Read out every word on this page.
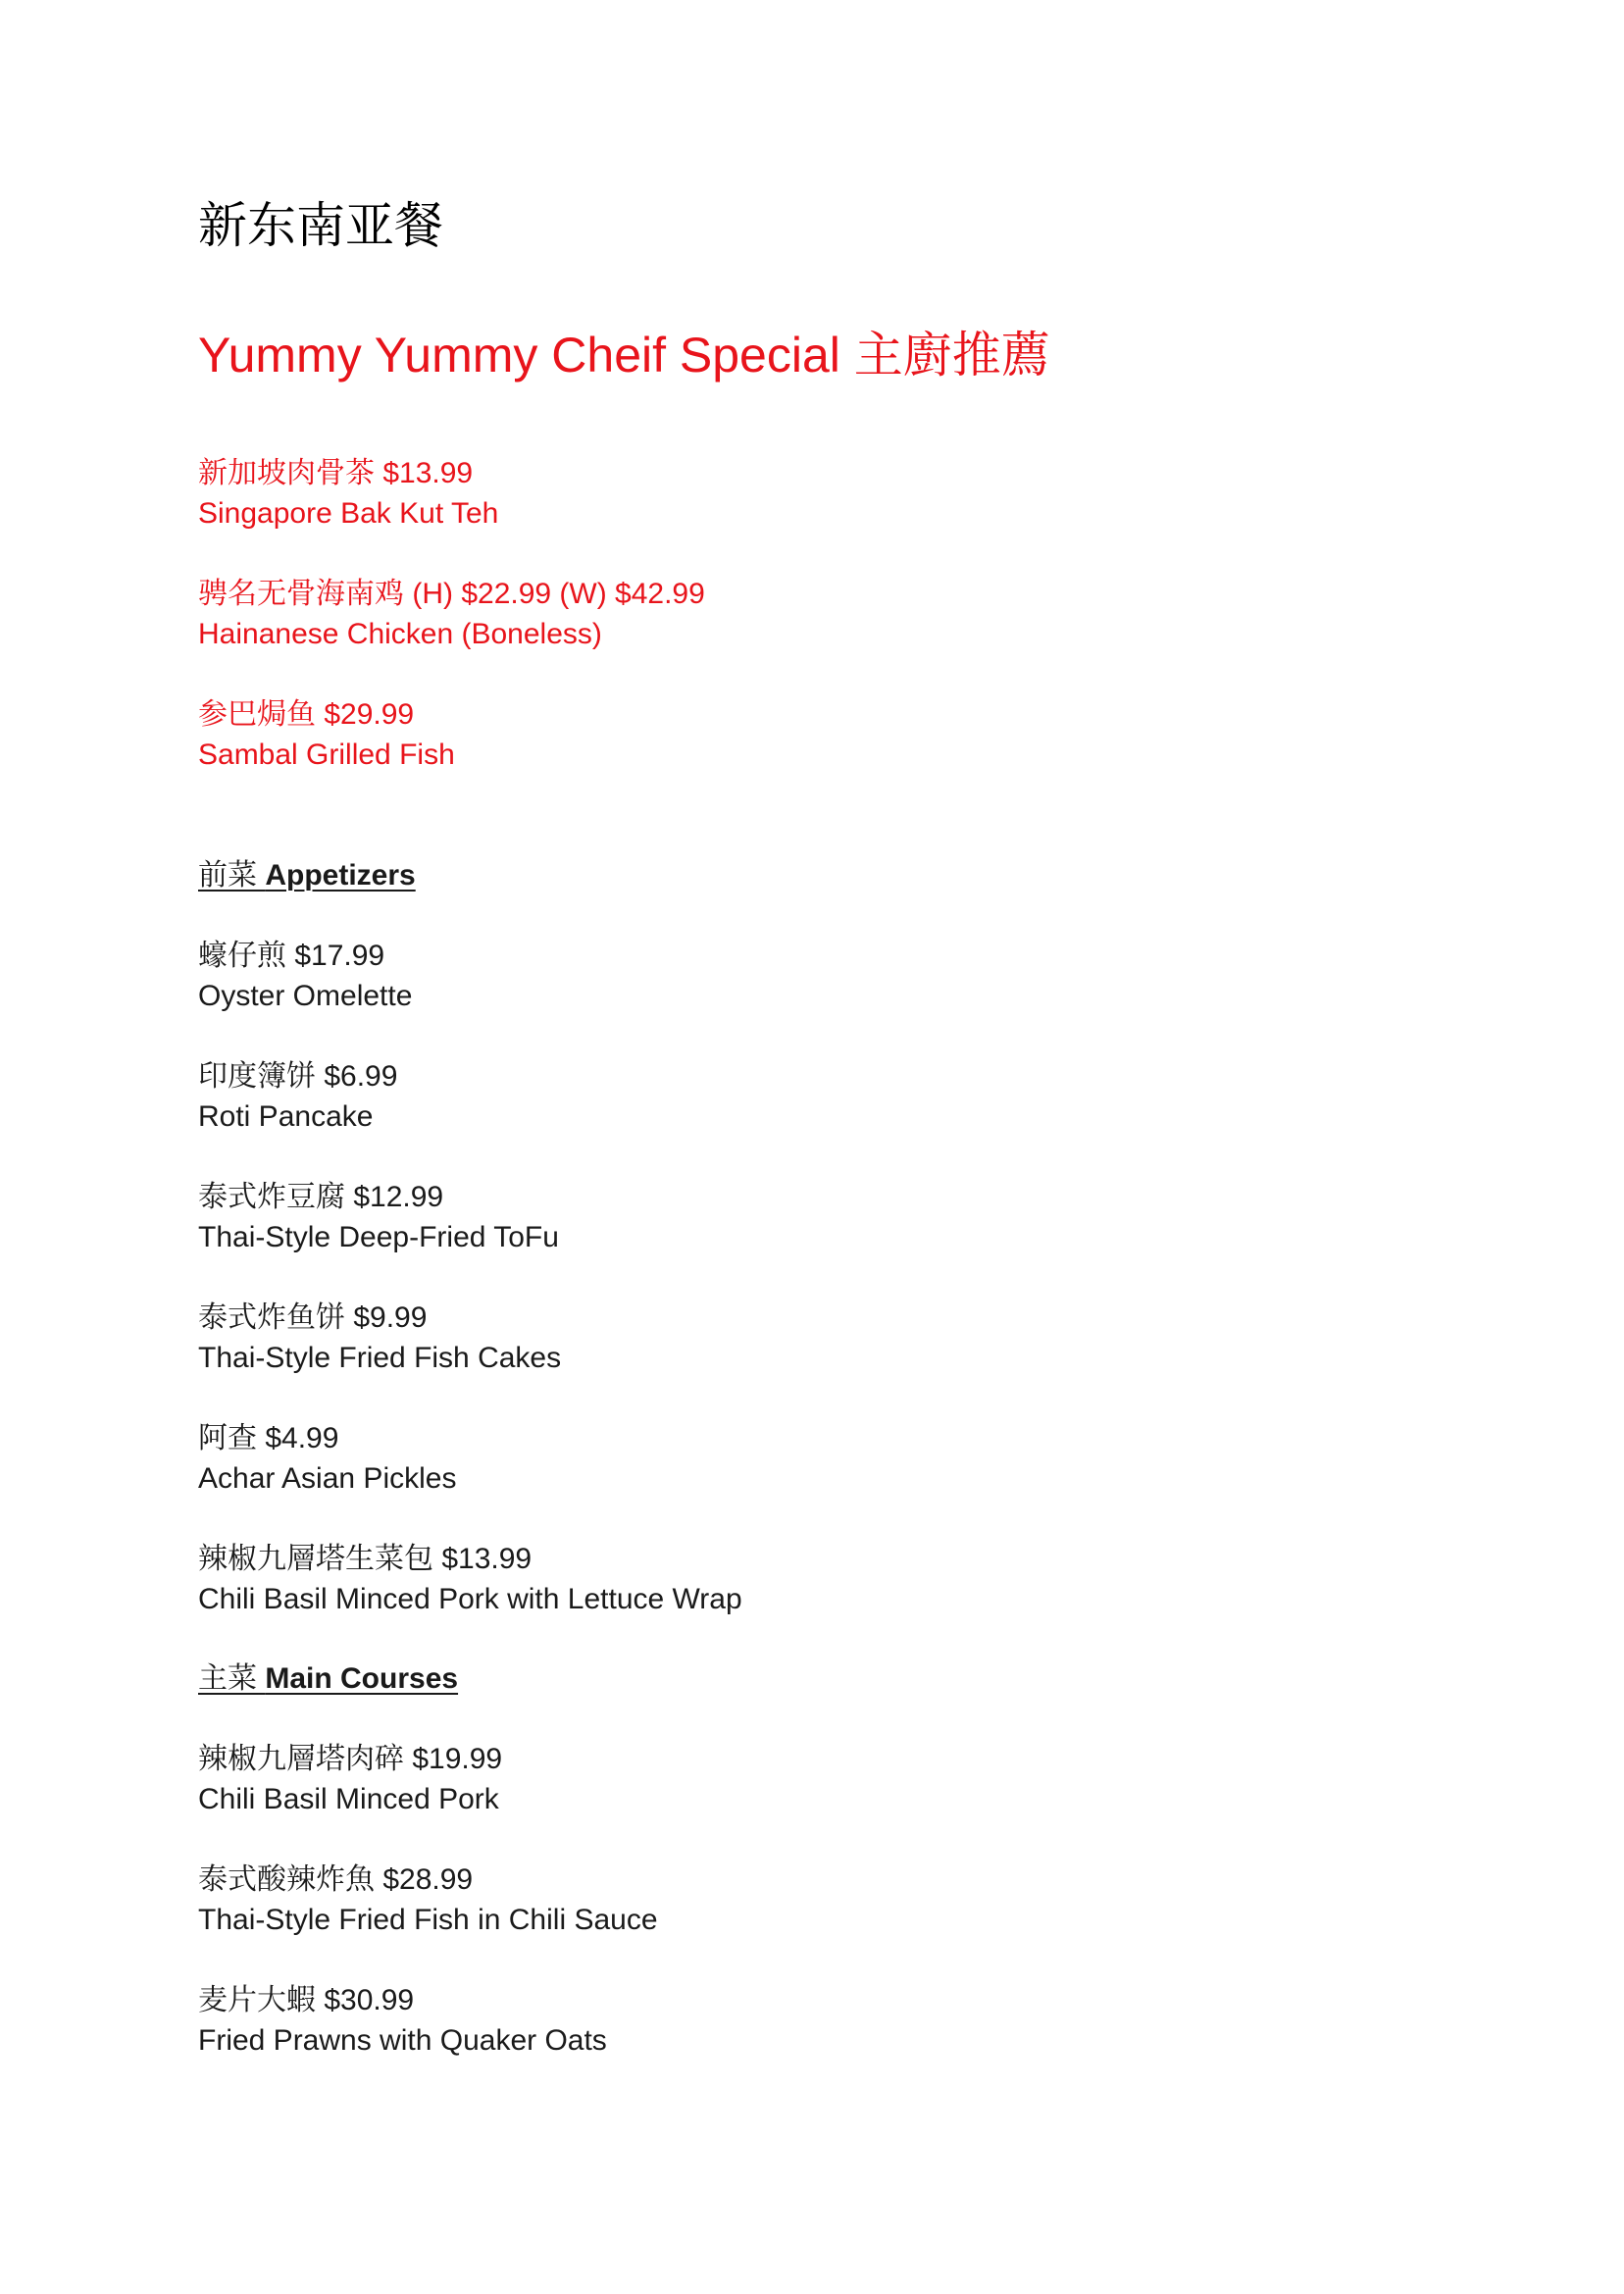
新东南亚餐
Yummy Yummy Cheif Special 主廚推薦
新加坡肉骨茶 $13.99
Singapore Bak Kut Teh
骋名无骨海南鸡 (H) $22.99 (W) $42.99
Hainanese Chicken (Boneless)
参巴焗鱼 $29.99
Sambal Grilled Fish
前菜 Appetizers
蠔仔煎 $17.99
Oyster Omelette
印度簿饼 $6.99
Roti Pancake
泰式炸豆腐 $12.99
Thai-Style Deep-Fried ToFu
泰式炸鱼饼 $9.99
Thai-Style Fried Fish Cakes
阿查 $4.99
Achar Asian Pickles
辣椒九層塔生菜包 $13.99
Chili Basil Minced Pork with Lettuce Wrap
主菜 Main Courses
辣椒九層塔肉碎 $19.99
Chili Basil Minced Pork
泰式酸辣炸魚 $28.99
Thai-Style Fried Fish in Chili Sauce
麦片大蝦 $30.99
Fried Prawns with Quaker Oats
